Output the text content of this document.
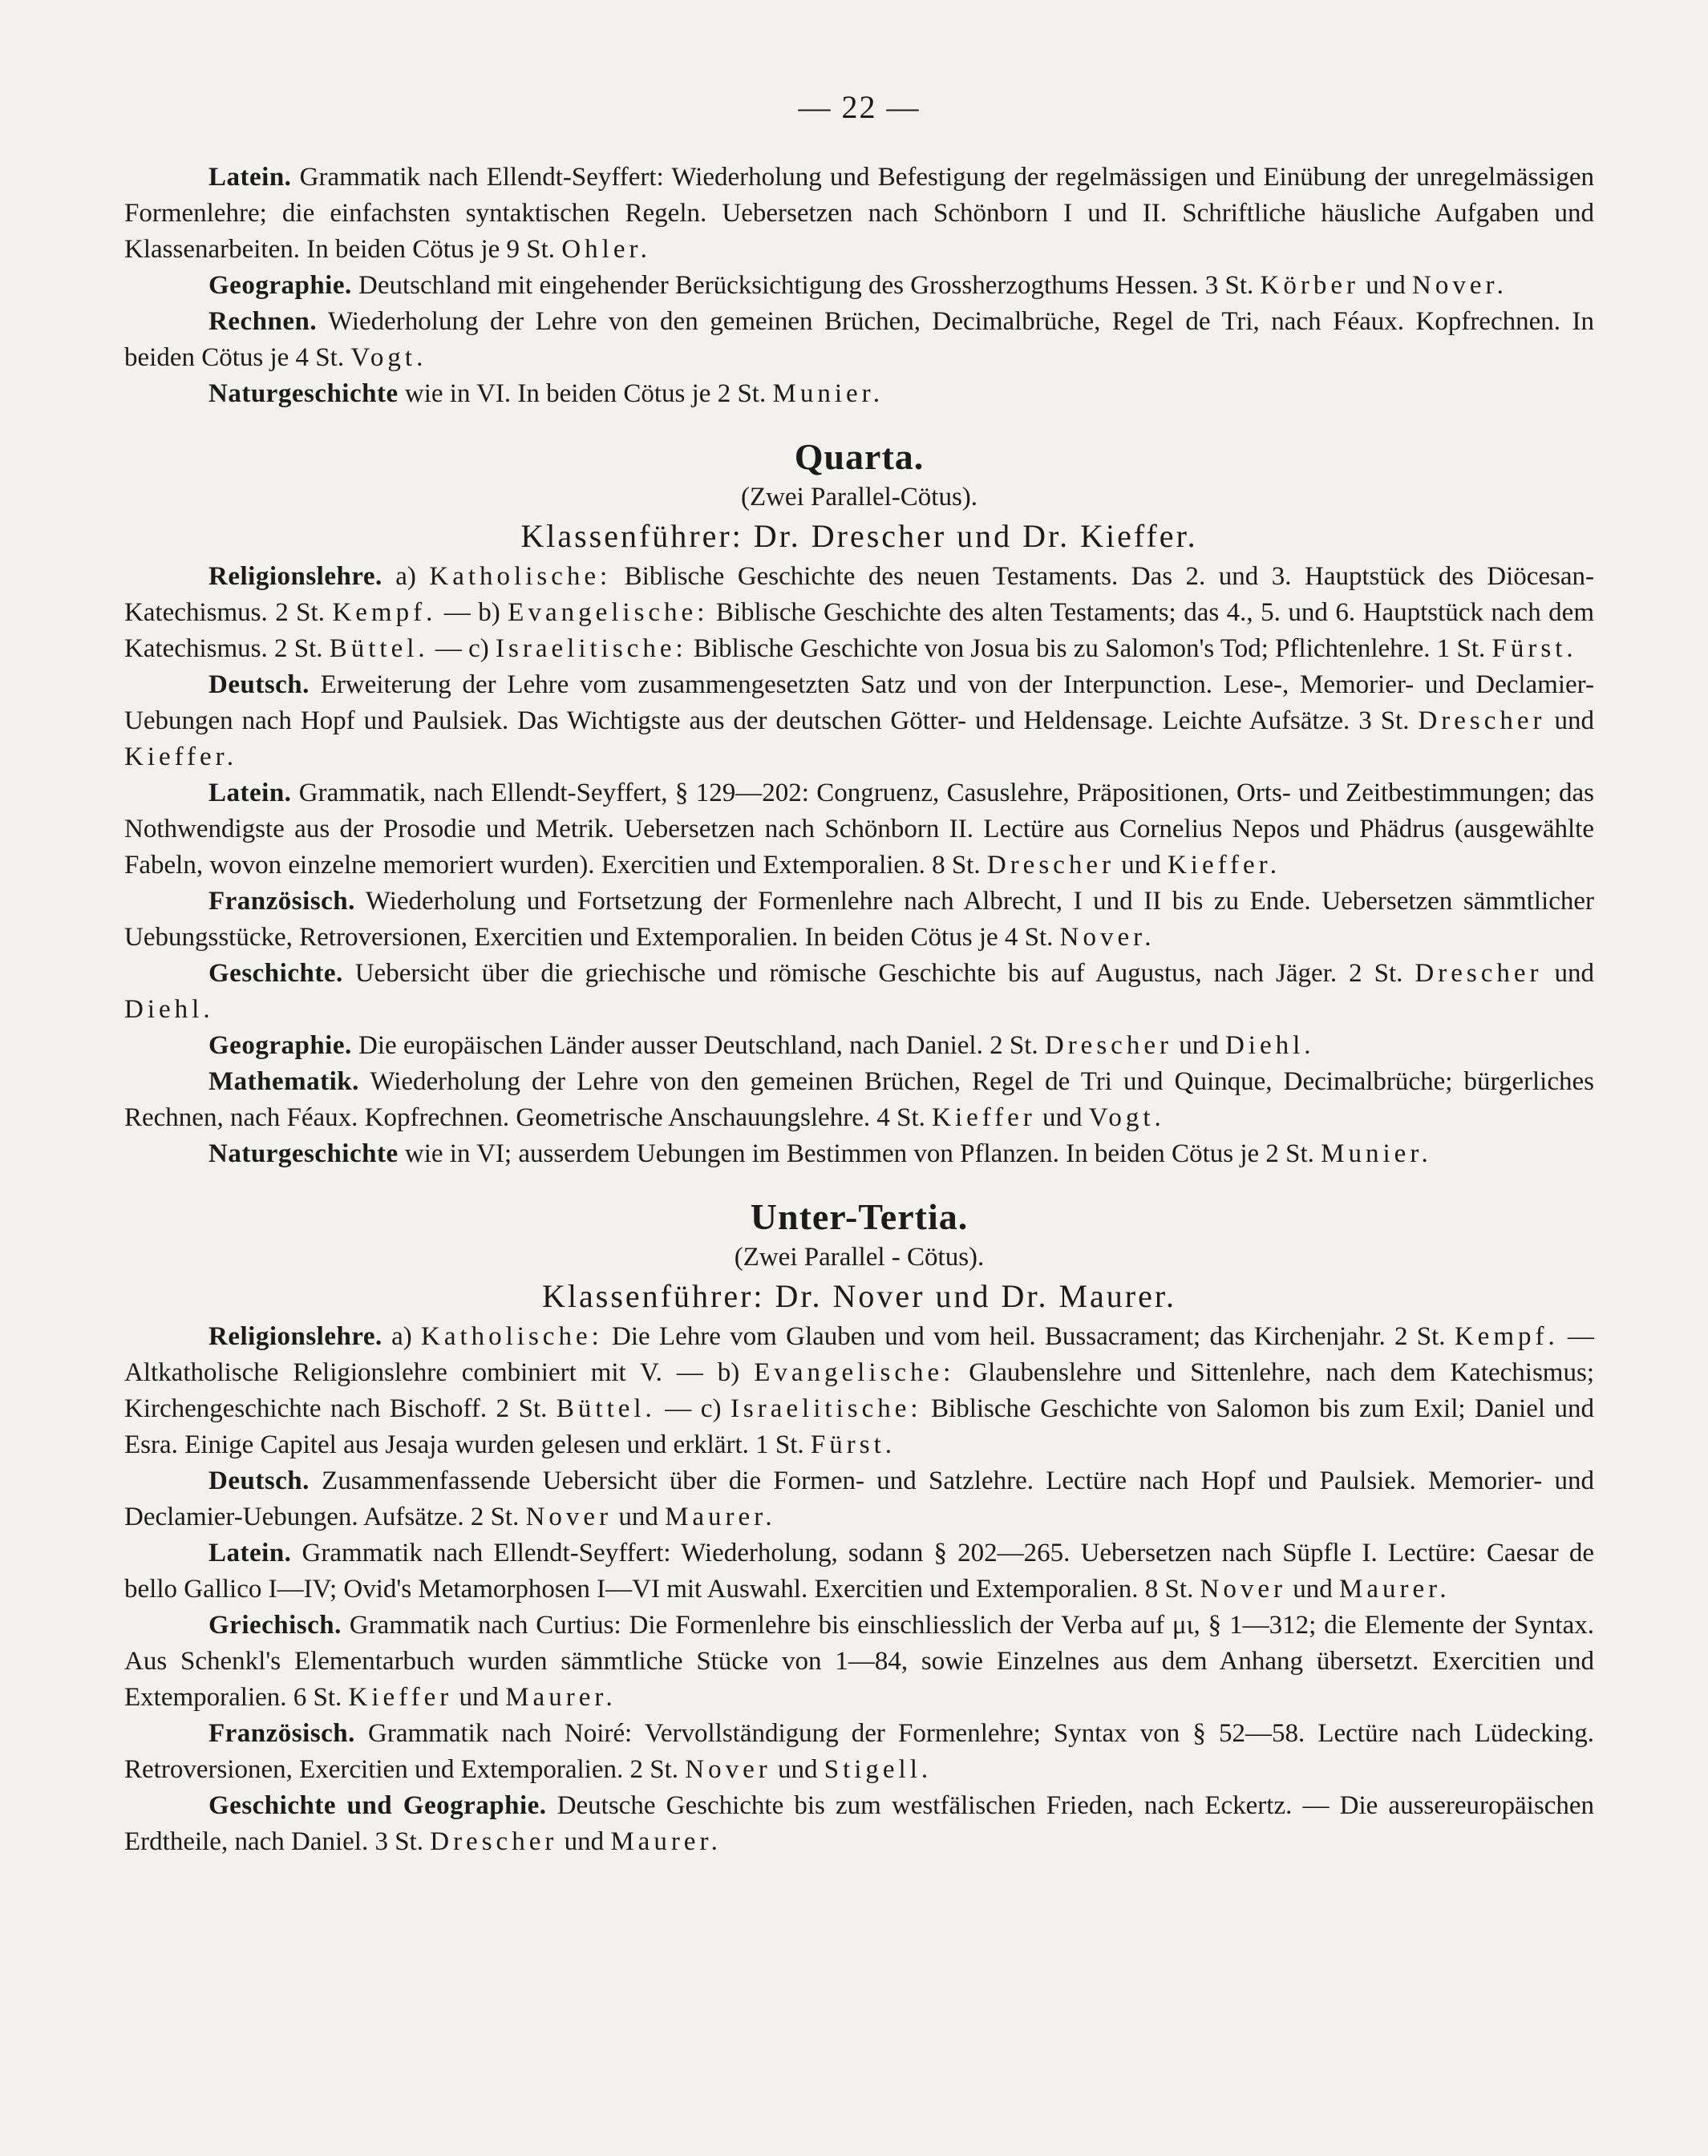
— 22 —

Latein. Grammatik nach Ellendt-Seyffert: Wiederholung und Befestigung der regelmässigen und Einübung der unregelmässigen Formenlehre; die einfachsten syntaktischen Regeln. Uebersetzen nach Schönborn I und II. Schriftliche häusliche Aufgaben und Klassenarbeiten. In beiden Cötus je 9 St. Ohler.

Geographie. Deutschland mit eingehender Berücksichtigung des Grossherzogthums Hessen. 3 St. Körber und Nover.

Rechnen. Wiederholung der Lehre von den gemeinen Brüchen, Decimalbrüche, Regel de Tri, nach Féaux. Kopfrechnen. In beiden Cötus je 4 St. Vogt.

Naturgeschichte wie in VI. In beiden Cötus je 2 St. Munier.

Quarta.
(Zwei Parallel-Cötus).
Klassenführer: Dr. Drescher und Dr. Kieffer.

Religionslehre. a) Katholische: Biblische Geschichte des neuen Testaments. Das 2. und 3. Hauptstück des Diöcesan-Katechismus. 2 St. Kempf. — b) Evangelische: Biblische Geschichte des alten Testaments; das 4., 5. und 6. Hauptstück nach dem Katechismus. 2 St. Büttel. — c) Israelitische: Biblische Geschichte von Josua bis zu Salomon's Tod; Pflichtenlehre. 1 St. Fürst.

Deutsch. Erweiterung der Lehre vom zusammengesetzten Satz und von der Interpunction. Lese-, Memorier- und Declamier-Uebungen nach Hopf und Paulsiek. Das Wichtigste aus der deutschen Götter- und Heldensage. Leichte Aufsätze. 3 St. Drescher und Kieffer.

Latein. Grammatik, nach Ellendt-Seyffert, § 129—202: Congruenz, Casuslehre, Präpositionen, Orts- und Zeitbestimmungen; das Nothwendigste aus der Prosodie und Metrik. Uebersetzen nach Schönborn II. Lectüre aus Cornelius Nepos und Phädrus (ausgewählte Fabeln, wovon einzelne memoriert wurden). Exercitien und Extemporalien. 8 St. Drescher und Kieffer.

Französisch. Wiederholung und Fortsetzung der Formenlehre nach Albrecht, I und II bis zu Ende. Uebersetzen sämmtlicher Uebungsstücke, Retroversionen, Exercitien und Extemporalien. In beiden Cötus je 4 St. Nover.

Geschichte. Uebersicht über die griechische und römische Geschichte bis auf Augustus, nach Jäger. 2 St. Drescher und Diehl.

Geographie. Die europäischen Länder ausser Deutschland, nach Daniel. 2 St. Drescher und Diehl.

Mathematik. Wiederholung der Lehre von den gemeinen Brüchen, Regel de Tri und Quinque, Decimalbrüche; bürgerliches Rechnen, nach Féaux. Kopfrechnen. Geometrische Anschauungslehre. 4 St. Kieffer und Vogt.

Naturgeschichte wie in VI; ausserdem Uebungen im Bestimmen von Pflanzen. In beiden Cötus je 2 St. Munier.

Unter-Tertia.
(Zwei Parallel - Cötus).
Klassenführer: Dr. Nover und Dr. Maurer.

Religionslehre. a) Katholische: Die Lehre vom Glauben und vom heil. Bussacrament; das Kirchenjahr. 2 St. Kempf. — Altkatholische Religionslehre combiniert mit V. — b) Evangelische: Glaubenslehre und Sittenlehre, nach dem Katechismus; Kirchengeschichte nach Bischoff. 2 St. Büttel. — c) Israelitische: Biblische Geschichte von Salomon bis zum Exil; Daniel und Esra. Einige Capitel aus Jesaja wurden gelesen und erklärt. 1 St. Fürst.

Deutsch. Zusammenfassende Uebersicht über die Formen- und Satzlehre. Lectüre nach Hopf und Paulsiek. Memorier- und Declamier-Uebungen. Aufsätze. 2 St. Nover und Maurer.

Latein. Grammatik nach Ellendt-Seyffert: Wiederholung, sodann § 202—265. Uebersetzen nach Süpfle I. Lectüre: Caesar de bello Gallico I—IV; Ovid's Metamorphosen I—VI mit Auswahl. Exercitien und Extemporalien. 8 St. Nover und Maurer.

Griechisch. Grammatik nach Curtius: Die Formenlehre bis einschliesslich der Verba auf μι, § 1—312; die Elemente der Syntax. Aus Schenkl's Elementarbuch wurden sämmtliche Stücke von 1—84, sowie Einzelnes aus dem Anhang übersetzt. Exercitien und Extemporalien. 6 St. Kieffer und Maurer.

Französisch. Grammatik nach Noiré: Vervollständigung der Formenlehre; Syntax von § 52—58. Lectüre nach Lüdecking. Retroversionen, Exercitien und Extemporalien. 2 St. Nover und Stigell.

Geschichte und Geographie. Deutsche Geschichte bis zum westfälischen Frieden, nach Eckertz. — Die aussereuropäischen Erdtheile, nach Daniel. 3 St. Drescher und Maurer.
